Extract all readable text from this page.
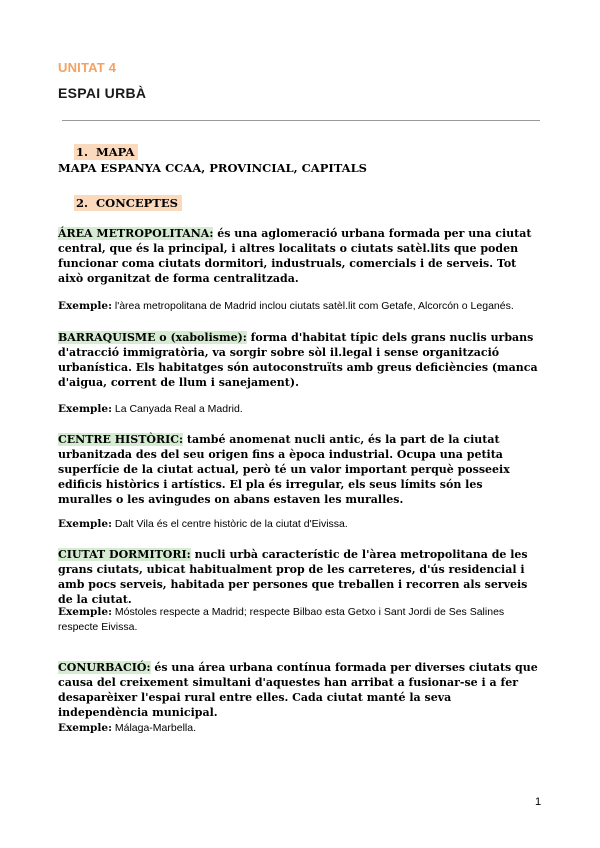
UNITAT 4
ESPAI URBÀ
1. MAPA
MAPA ESPANYA CCAA, PROVINCIAL, CAPITALS
2. CONCEPTES
ÁREA METROPOLITANA: és una aglomeració urbana formada per una ciutat central, que és la principal, i altres localitats o ciutats satèl.lits que poden funcionar coma ciutats dormitori, industruals, comercials i de serveis. Tot això organitzat de forma centralitzada.
Exemple: l'àrea metropolitana de Madrid inclou ciutats satèl.lit com Getafe, Alcorcón o Leganés.
BARRAQUISME o (xabolisme): forma d'habitat típic dels grans nuclis urbans d'atracció immigratòria, va sorgir sobre sòl il.legal i sense organització urbanística. Els habitatges són autoconstruïts amb greus deficiències (manca d'aigua, corrent de llum i sanejament).
Exemple: La Canyada Real a Madrid.
CENTRE HISTÒRIC: també anomenat nucli antic, és la part de la ciutat urbanitzada des del seu origen fins a època industrial. Ocupa una petita superfície de la ciutat actual, però té un valor important perquè posseeix edificis històrics i artístics. El pla és irregular, els seus límits són les muralles o les avingudes on abans estaven les muralles.
Exemple: Dalt Vila és el centre històric de la ciutat d'Eivissa.
CIUTAT DORMITORI: nucli urbà característic de l'àrea metropolitana de les grans ciutats, ubicat habitualment prop de les carreteres, d'ús residencial i amb pocs serveis, habitada per persones que treballen i recorren als serveis de la ciutat.
Exemple: Móstoles respecte a Madrid; respecte Bilbao esta Getxo i Sant Jordi de Ses Salines respecte Eivissa.
CONURBACIÓ: és una área urbana contínua formada per diverses ciutats que causa del creixement simultani d'aquestes han arribat a fusionar-se i a fer desaparèixer l'espai rural entre elles. Cada ciutat manté la seva independència municipal.
Exemple: Málaga-Marbella.
1
